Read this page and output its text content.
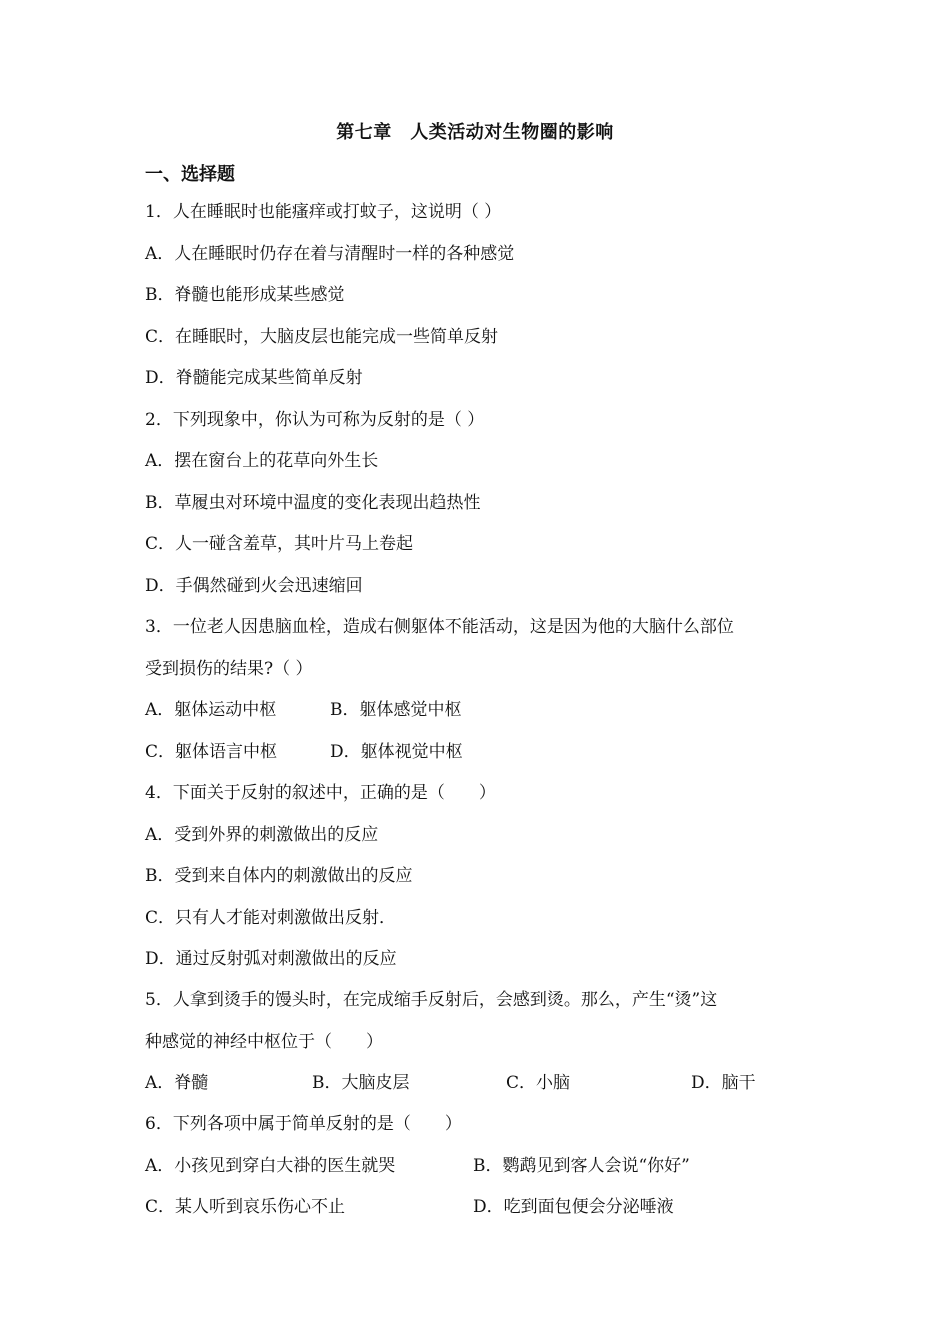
第七章　人类活动对生物圈的影响
一、选择题
1．人在睡眠时也能瘙痒或打蚊子，这说明（ ）
A．人在睡眠时仍存在着与清醒时一样的各种感觉
B．脊髓也能形成某些感觉
C．在睡眠时，大脑皮层也能完成一些简单反射
D．脊髓能完成某些简单反射
2．下列现象中，你认为可称为反射的是（ ）
A．摆在窗台上的花草向外生长
B．草履虫对环境中温度的变化表现出趋热性
C．人一碰含羞草，其叶片马上卷起
D．手偶然碰到火会迅速缩回
3．一位老人因患脑血栓，造成右侧躯体不能活动，这是因为他的大脑什么部位
受到损伤的结果?（ ）
A．躯体运动中枢	B．躯体感觉中枢
C．躯体语言中枢	D．躯体视觉中枢
4．下面关于反射的叙述中，正确的是（　　）
A．受到外界的刺激做出的反应
B．受到来自体内的刺激做出的反应
C．只有人才能对刺激做出反射．
D．通过反射弧对刺激做出的反应
5．人拿到烫手的馒头时，在完成缩手反射后，会感到烫。那么，产生“烫”这
种感觉的神经中枢位于（　　）
A．脊髓	B．大脑皮层	C．小脑	D．脑干
6．下列各项中属于简单反射的是（　　）
A．小孩见到穿白大褂的医生就哭	B．鹦鹉见到客人会说“你好”
C．某人听到哀乐伤心不止	D．吃到面包便会分泌唾液
